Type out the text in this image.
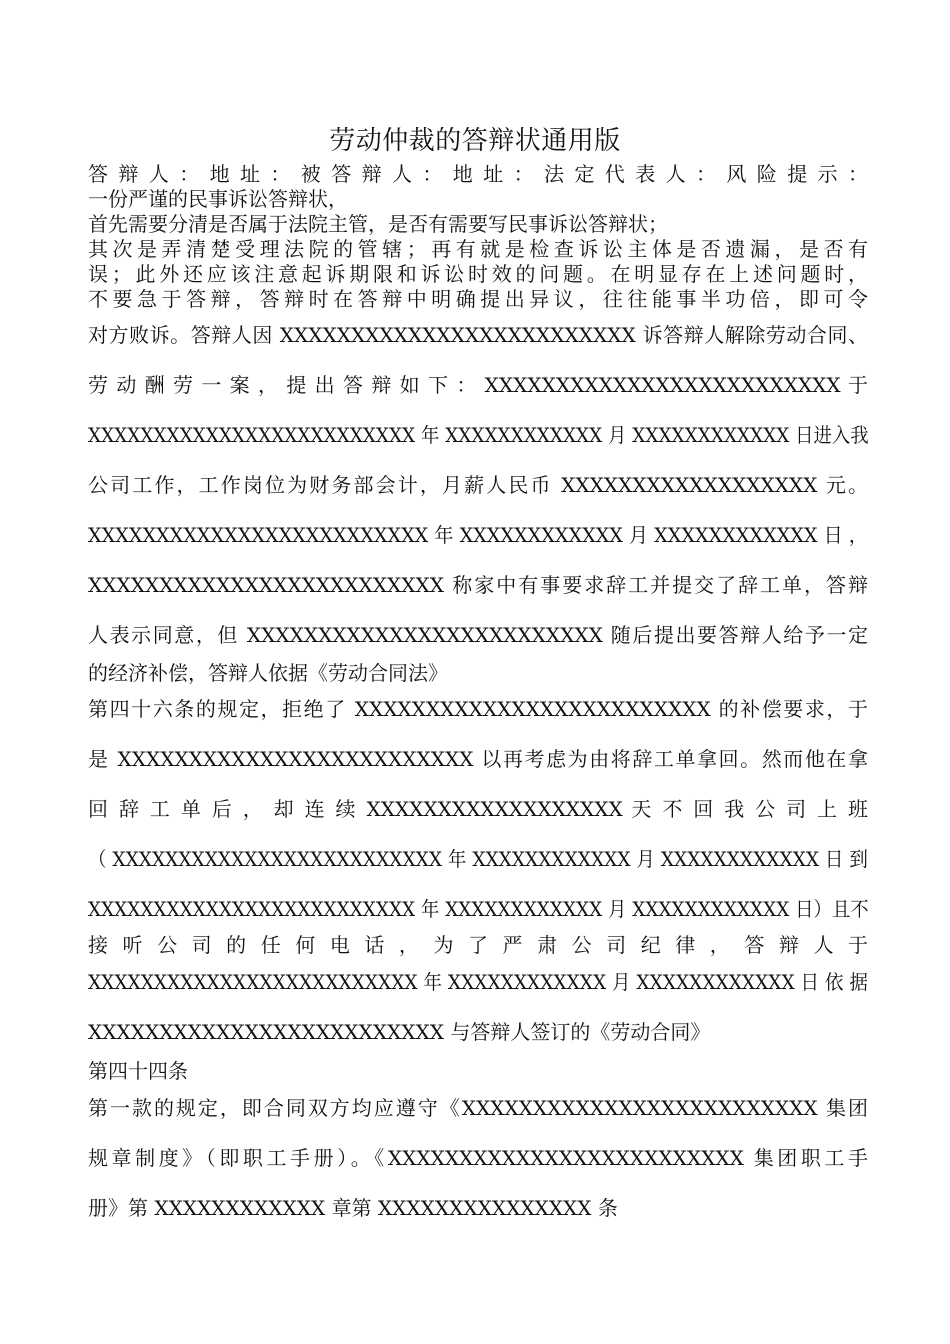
劳动仲裁的答辩状通用版
答辩人：地址：被答辩人：地址：法定代表人：风险提示：
一份严谨的民事诉讼答辩状，
首先需要分清是否属于法院主管，是否有需要写民事诉讼答辩状；
其次是弄清楚受理法院的管辖；再有就是检查诉讼主体是否遗漏，是否有
误；此外还应该注意起诉期限和诉讼时效的问题。在明显存在上述问题时，
不要急于答辩，答辩时在答辩中明确提出异议，往往能事半功倍，即可令
对方败诉。答辩人因 XXXXXXXXXXXXXXXXXXXXXXXXX 诉答辩人解除劳动合同、
劳 动 酬 劳 一 案 ， 提 出 答 辩 如 下 ： XXXXXXXXXXXXXXXXXXXXXXXXX 于
XXXXXXXXXXXXXXXXXXXXXXXXX 年 XXXXXXXXXXXX 月 XXXXXXXXXXXX 日进入我
公司工作，工作岗位为财务部会计，月薪人民币 XXXXXXXXXXXXXXXXXX 元。
XXXXXXXXXXXXXXXXXXXXXXXXX 年 XXXXXXXXXXXX 月 XXXXXXXXXXXX 日 ，
XXXXXXXXXXXXXXXXXXXXXXXXX 称家中有事要求辞工并提交了辞工单，答辩
人表示同意，但 XXXXXXXXXXXXXXXXXXXXXXXXX 随后提出要答辩人给予一定
的经济补偿，答辩人依据《劳动合同法》
第四十六条的规定，拒绝了 XXXXXXXXXXXXXXXXXXXXXXXXX 的补偿要求，于
是 XXXXXXXXXXXXXXXXXXXXXXXXX 以再考虑为由将辞工单拿回。然而他在拿
回 辞 工 单 后 ， 却 连 续 XXXXXXXXXXXXXXXXXX 天 不 回 我 公 司 上 班
（ XXXXXXXXXXXXXXXXXXXXXXXXX 年 XXXXXXXXXXXX 月 XXXXXXXXXXXX 日 到
XXXXXXXXXXXXXXXXXXXXXXXXX 年 XXXXXXXXXXXX 月 XXXXXXXXXXXX 日）且不
接 听 公 司 的 任 何 电 话 ， 为 了 严 肃 公 司 纪 律 ， 答 辩 人 于
XXXXXXXXXXXXXXXXXXXXXXXXX 年 XXXXXXXXXXXX 月 XXXXXXXXXXXX 日 依 据
XXXXXXXXXXXXXXXXXXXXXXXXX 与答辩人签订的《劳动合同》
第四十四条
第一款的规定，即合同双方均应遵守《XXXXXXXXXXXXXXXXXXXXXXXXX 集团
规章制度》（即职工手册）。《XXXXXXXXXXXXXXXXXXXXXXXXX 集团职工手
册》第 XXXXXXXXXXXX 章第 XXXXXXXXXXXXXXX 条
